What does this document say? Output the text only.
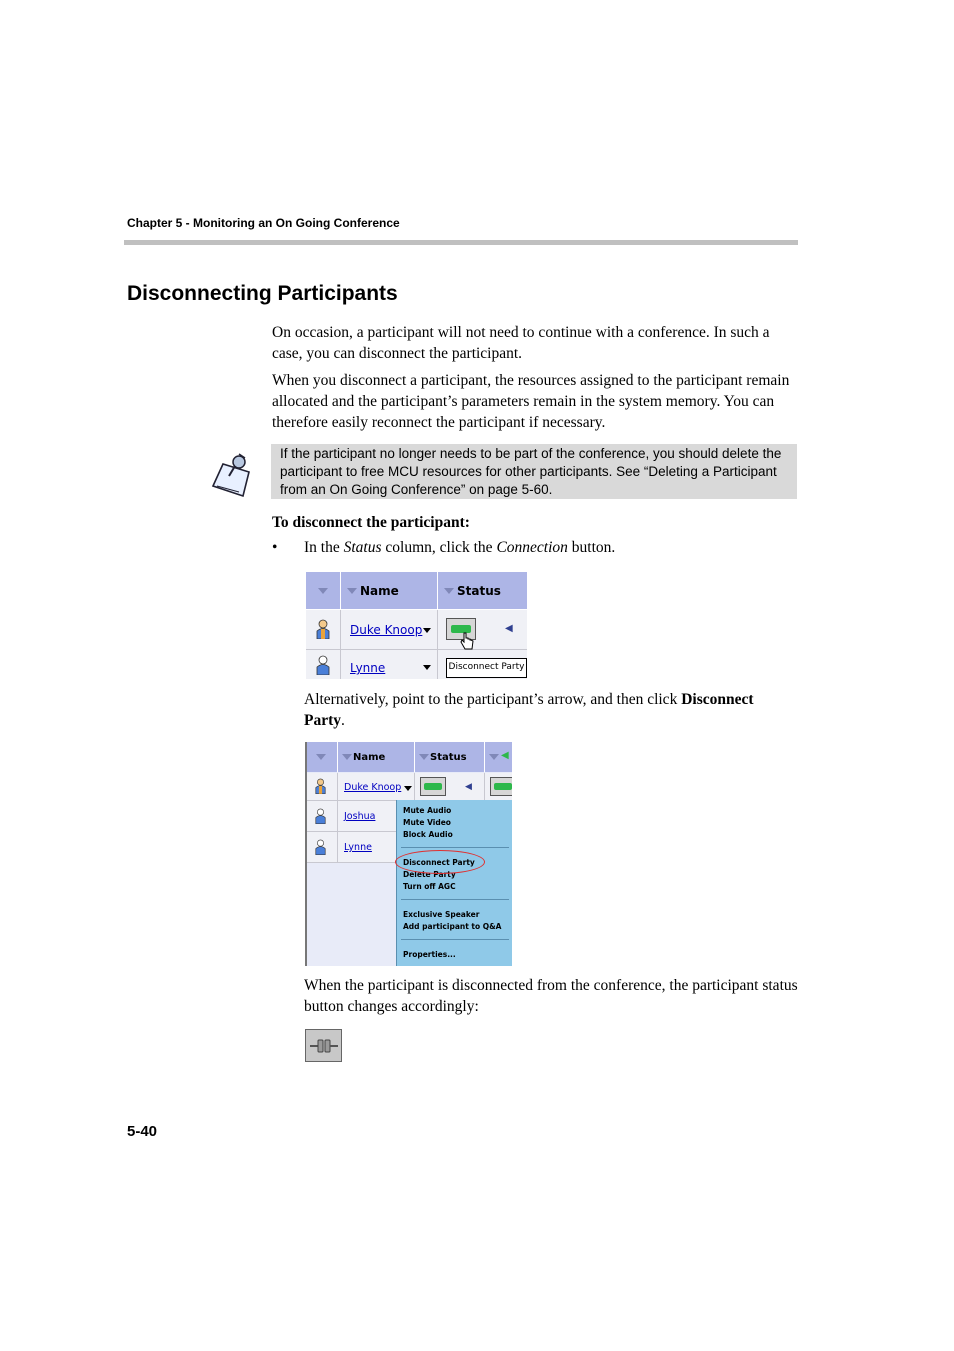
Chapter 5 - Monitoring an On Going Conference
Disconnecting Participants
On occasion, a participant will not need to continue with a conference. In such a case, you can disconnect the participant.
When you disconnect a participant, the resources assigned to the participant remain allocated and the participant’s parameters remain in the system memory. You can therefore easily reconnect the participant if necessary.
If the participant no longer needs to be part of the conference, you should delete the participant to free MCU resources for other participants. See “Deleting a Participant from an On Going Conference” on page 5-60.
To disconnect the participant:
• In the Status column, click the Connection button.
Name	Status
Duke Knoop	◀
Lynne	Disconnect Party
Alternatively, point to the participant’s arrow, and then click Disconnect Party.
Name	Status	◀
Duke Knoop	◀
Joshua
Lynne
Mute Audio
Mute Video
Block Audio
Disconnect Party
Delete Party
Turn off AGC
Exclusive Speaker
Add participant to Q&A
Properties...
When the participant is disconnected from the conference, the participant status button changes accordingly:
5-40
